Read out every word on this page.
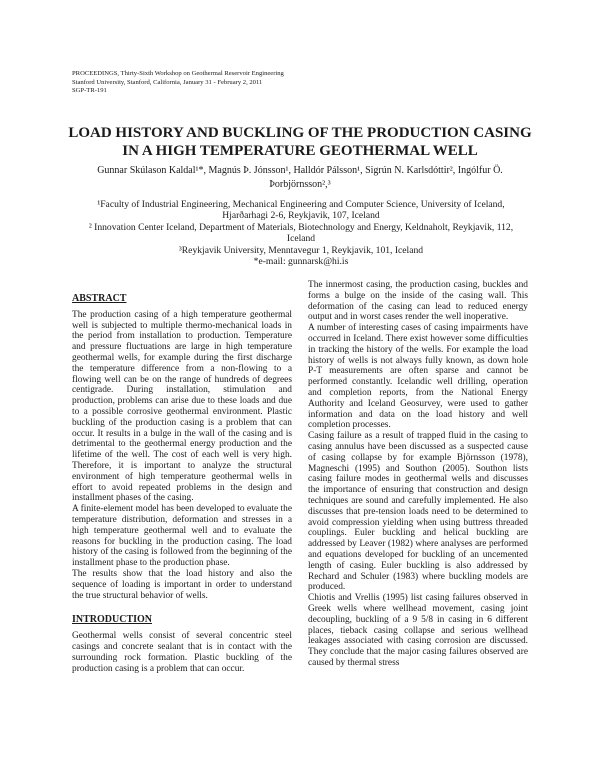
PROCEEDINGS, Thirty-Sixth Workshop on Geothermal Reservoir Engineering
Stanford University, Stanford, California, January 31 - February 2, 2011
SGP-TR-191
LOAD HISTORY AND BUCKLING OF THE PRODUCTION CASING IN A HIGH TEMPERATURE GEOTHERMAL WELL
Gunnar Skúlason Kaldal¹*, Magnús Þ. Jónsson¹, Halldór Pálsson¹, Sigrún N. Karlsdóttir², Ingólfur Ö. Þorbjörnsson²,³

¹Faculty of Industrial Engineering, Mechanical Engineering and Computer Science, University of Iceland, Hjarðarhagi 2-6, Reykjavik, 107, Iceland

² Innovation Center Iceland, Department of Materials, Biotechnology and Energy, Keldnaholt, Reykjavik, 112, Iceland

³Reykjavik University, Menntavegur 1, Reykjavik, 101, Iceland

*e-mail: gunnarsk@hi.is

ABSTRACT

The production casing of a high temperature geothermal well is subjected to multiple thermo-mechanical loads in the period from installation to production. Temperature and pressure fluctuations are large in high temperature geothermal wells, for example during the first discharge the temperature difference from a non-flowing to a flowing well can be on the range of hundreds of degrees centigrade. During installation, stimulation and production, problems can arise due to these loads and due to a possible corrosive geothermal environment. Plastic buckling of the production casing is a problem that can occur. It results in a bulge in the wall of the casing and is detrimental to the geothermal energy production and the lifetime of the well. The cost of each well is very high. Therefore, it is important to analyze the structural environment of high temperature geothermal wells in effort to avoid repeated problems in the design and installment phases of the casing.

A finite-element model has been developed to evaluate the temperature distribution, deformation and stresses in a high temperature geothermal well and to evaluate the reasons for buckling in the production casing. The load history of the casing is followed from the beginning of the installment phase to the production phase.

The results show that the load history and also the sequence of loading is important in order to understand the true structural behavior of wells.

INTRODUCTION

Geothermal wells consist of several concentric steel casings and concrete sealant that is in contact with the surrounding rock formation. Plastic buckling of the production casing is a problem that can occur.

The innermost casing, the production casing, buckles and forms a bulge on the inside of the casing wall. This deformation of the casing can lead to reduced energy output and in worst cases render the well inoperative.

A number of interesting cases of casing impairments have occurred in Iceland. There exist however some difficulties in tracking the history of the wells. For example the load history of wells is not always fully known, as down hole P-T measurements are often sparse and cannot be performed constantly. Icelandic well drilling, operation and completion reports, from the National Energy Authority and Iceland Geosurvey, were used to gather information and data on the load history and well completion processes.

Casing failure as a result of trapped fluid in the casing to casing annulus have been discussed as a suspected cause of casing collapse by for example Björnsson (1978), Magneschi (1995) and Southon (2005). Southon lists casing failure modes in geothermal wells and discusses the importance of ensuring that construction and design techniques are sound and carefully implemented. He also discusses that pre-tension loads need to be determined to avoid compression yielding when using buttress threaded couplings. Euler buckling and helical buckling are addressed by Leaver (1982) where analyses are performed and equations developed for buckling of an uncemented length of casing. Euler buckling is also addressed by Rechard and Schuler (1983) where buckling models are produced.

Chiotis and Vrellis (1995) list casing failures observed in Greek wells where wellhead movement, casing joint decoupling, buckling of a 9 5/8 in casing in 6 different places, tieback casing collapse and serious wellhead leakages associated with casing corrosion are discussed. They conclude that the major casing failures observed are caused by thermal stress
